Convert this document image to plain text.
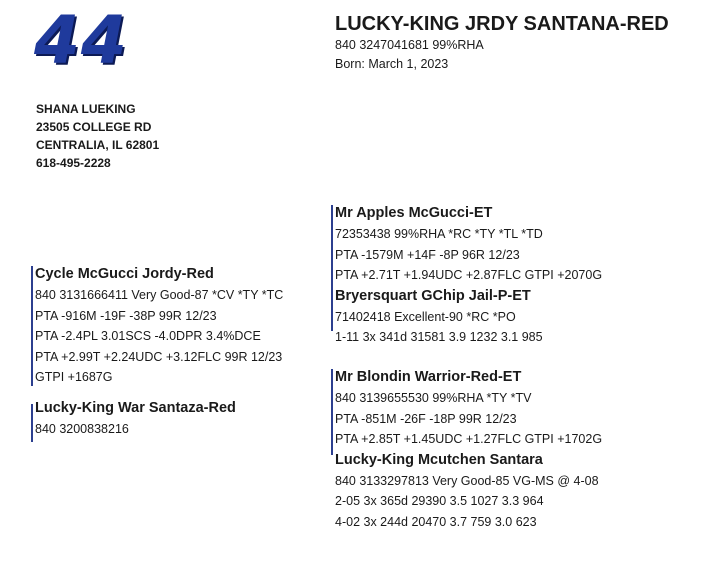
44
SHANA LUEKING
23505 COLLEGE RD
CENTRALIA, IL 62801
618-495-2228
LUCKY-KING JRDY SANTANA-RED
840 3247041681 99%RHA
Born: March 1, 2023
Cycle McGucci Jordy-Red
840 3131666411 Very Good-87 *CV *TY *TC
PTA -916M -19F -38P 99R 12/23
PTA -2.4PL 3.01SCS -4.0DPR 3.4%DCE
PTA +2.99T +2.24UDC +3.12FLC 99R 12/23
GTPI +1687G
Lucky-King War Santaza-Red
840 3200838216
Mr Apples McGucci-ET
72353438 99%RHA *RC *TY *TL *TD
PTA -1579M +14F -8P 96R 12/23
PTA +2.71T +1.94UDC +2.87FLC GTPI +2070G
Bryersquart GChip Jail-P-ET
71402418 Excellent-90 *RC *PO
1-11 3x 341d 31581 3.9 1232 3.1 985
Mr Blondin Warrior-Red-ET
840 3139655530 99%RHA *TY *TV
PTA -851M -26F -18P 99R 12/23
PTA +2.85T +1.45UDC +1.27FLC GTPI +1702G
Lucky-King Mcutchen Santara
840 3133297813 Very Good-85 VG-MS @ 4-08
2-05 3x 365d 29390 3.5 1027 3.3 964
4-02 3x 244d 20470 3.7 759 3.0 623
